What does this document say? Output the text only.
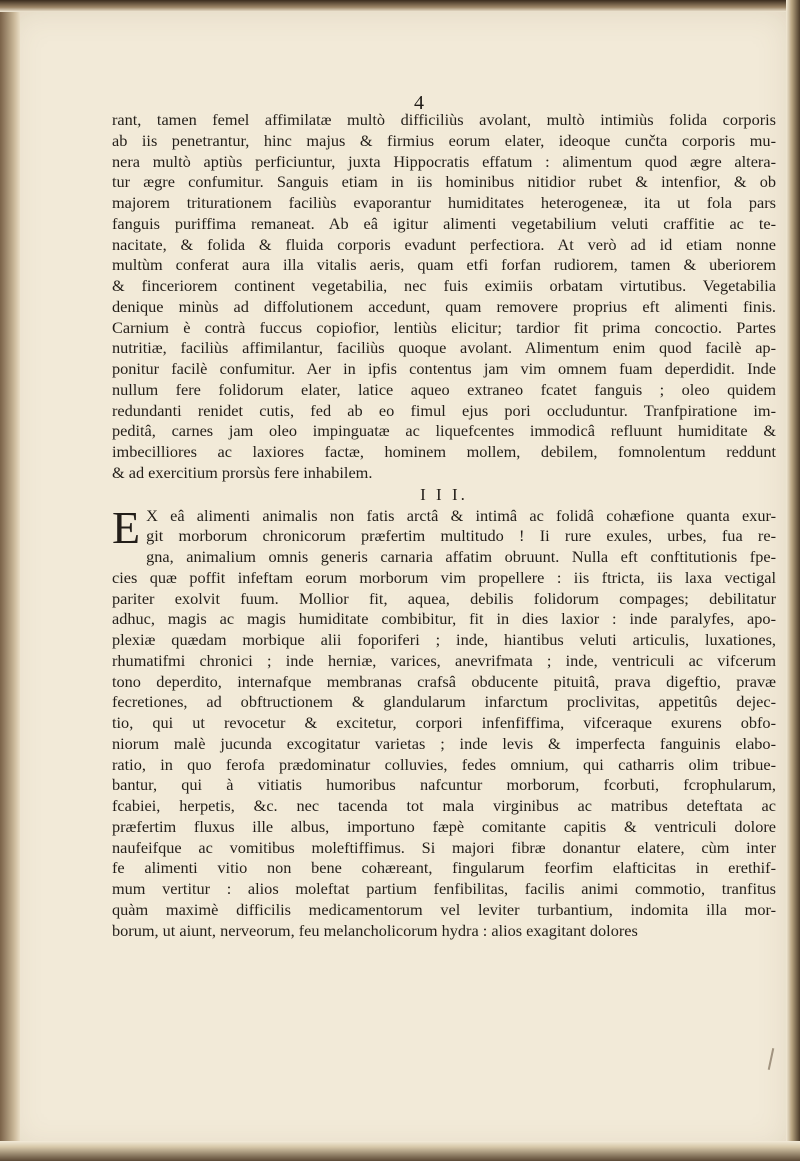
4
rant, tamen femel affimilatæ multò difficiliùs avolant, multò intimiùs folida corporis
ab iis penetrantur, hinc majus & firmius eorum elater, ideoque cunčta corporis mu-
nera multò aptiùs perficiuntur, juxta Hippocratis effatum : alimentum quod ægre altera-
tur ægre confumitur. Sanguis etiam in iis hominibus nitidior rubet & intenfior, & ob
majorem triturationem faciliùs evaporantur humiditates heterogeneæ, ita ut fola pars
fanguis puriffima remaneat. Ab eâ igitur alimenti vegetabilium veluti craffitie ac te-
nacitate, & folida & fluida corporis evadunt perfectiora. At verò ad id etiam nonne
multùm conferat aura illa vitalis aeris, quam etfi forfan rudiorem, tamen & uberiorem
& finceriorem continent vegetabilia, nec fuis eximiis orbatam virtutibus. Vegetabilia
denique minùs ad diffolutionem accedunt, quam removere proprius eft alimenti finis.
Carnium è contrà fuccus copiofior, lentiùs elicitur; tardior fit prima concoctio. Partes
nutritiæ, faciliùs affimilantur, faciliùs quoque avolant. Alimentum enim quod facilè ap-
ponitur facilè confumitur. Aer in ipfis contentus jam vim omnem fuam deperdidit. Inde
nullum fere folidorum elater, latice aqueo extraneo fcatet fanguis ; oleo quidem
redundanti renidet cutis, fed ab eo fimul ejus pori occluduntur. Tranfpiratione im-
peditâ, carnes jam oleo impinguatæ ac liquefcentes immodicâ refluunt humiditate &
imbecilliores ac laxiores factæ, hominem mollem, debilem, fomnolentum reddunt
& ad exercitium prorsùs fere inhabilem.
I I I.
E X eâ alimenti animalis non fatis arctâ & intimâ ac folidâ cohæfione quanta exur-
git morborum chronicorum præfertim multitudo ! Ii rure exules, urbes, fua re-
gna, animalium omnis generis carnaria affatim obruunt. Nulla eft conftitutionis fpe-
cies quæ poffit infeftam eorum morborum vim propellere : iis ftricta, iis laxa vectigal
pariter exolvit fuum. Mollior fit, aquea, debilis folidorum compages; debilitatur
adhuc, magis ac magis humiditate combibitur, fit in dies laxior : inde paralyfes, apo-
plexiæ quædam morbique alii foporiferi ; inde, hiantibus veluti articulis, luxationes,
rhumatifmi chronici ; inde herniæ, varices, anevrifmata ; inde, ventriculi ac vifcerum
tono deperdito, internafque membranas crafsâ obducente pituitâ, prava digeftio, pravæ
fecretiones, ad obftructionem & glandularum infarctum proclivitas, appetitûs dejec-
tio, qui ut revocetur & excitetur, corpori infenfiffima, vifceraque exurens obfo-
niorum malè jucunda excogitatur varietas ; inde levis & imperfecta fanguinis elabo-
ratio, in quo ferofa prædominatur colluvies, fedes omnium, qui catharris olim tribue-
bantur, qui à vitiatis humoribus nafcuntur morborum, fcorbuti, fcrophularum,
fcabiei, herpetis, &c. nec tacenda tot mala virginibus ac matribus deteftata ac
præfertim fluxus ille albus, importuno fæpè comitante capitis & ventriculi dolore
naufeifque ac vomitibus moleftiffimus. Si majori fibræ donantur elatere, cùm inter
fe alimenti vitio non bene cohæreant, fingularum feorfim elafticitas in erethif-
mum vertitur : alios moleftat partium fenfibilitas, facilis animi commotio, tranfitus
quàm maximè difficilis medicamentorum vel leviter turbantium, indomita illa mor-
borum, ut aiunt, nerveorum, feu melancholicorum hydra : alios exagitant dolores
